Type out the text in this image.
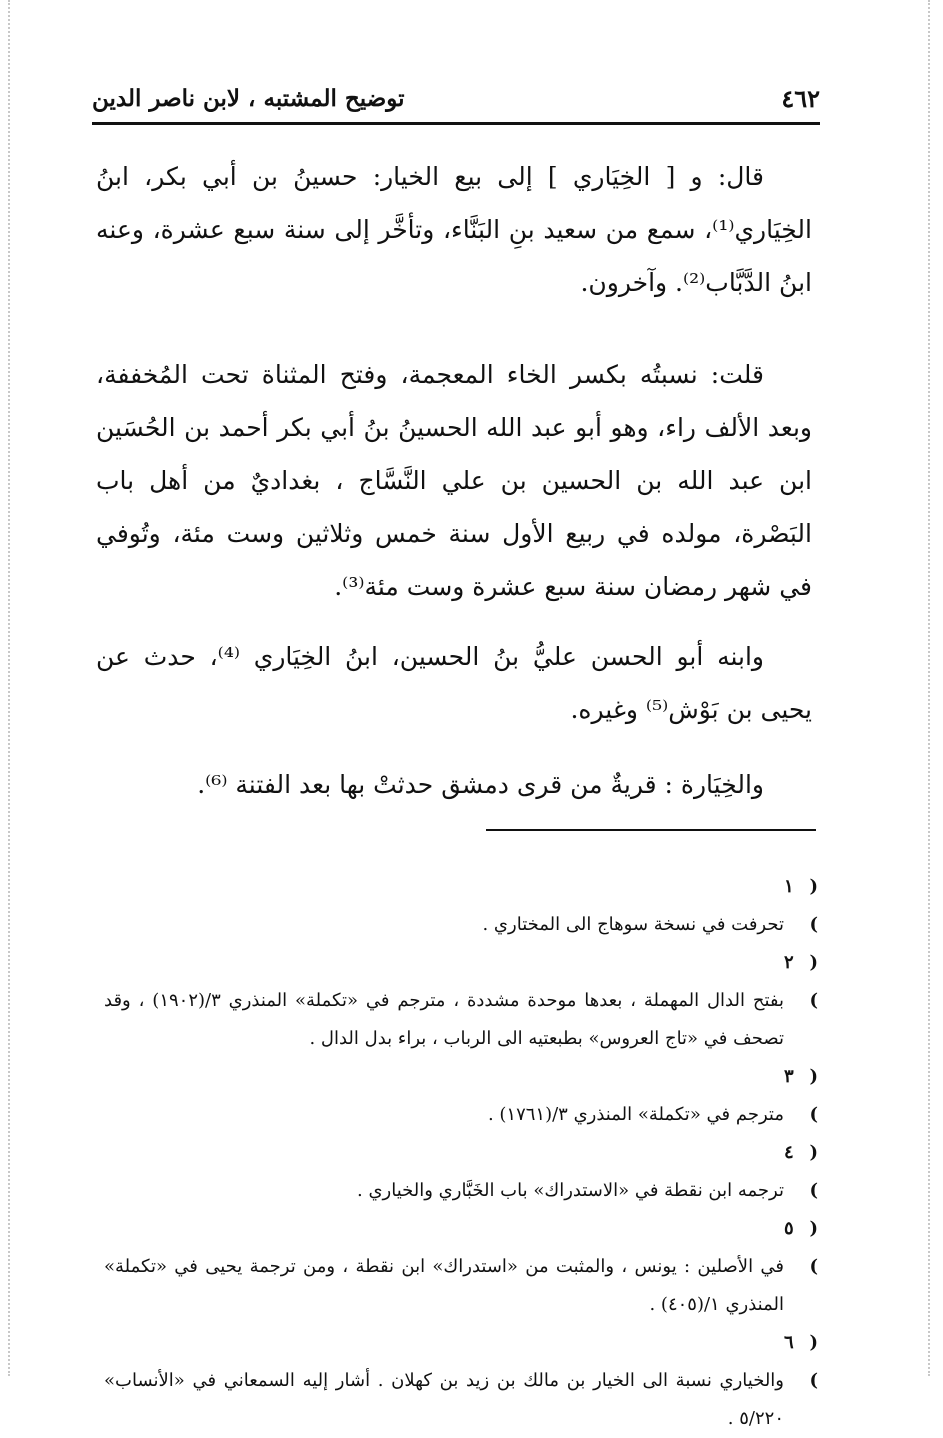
٤٦٢
توضيح المشتبه ، لابن ناصر الدين

قال: و [ الخِيَاري ] إلى بيع الخيار: حسينُ بن أبي بكر، ابنُ الخِيَاري⁽¹⁾، سمع من سعيد بنِ البَنَّاء، وتأخَّر إلى سنة سبع عشرة، وعنه ابنُ الدَّبَّاب⁽²⁾. وآخرون.

قلت: نسبتُه بكسر الخاء المعجمة، وفتح المثناة تحت المُخففة، وبعد الألف راء، وهو أبو عبد الله الحسينُ بنُ أبي بكر أحمد بن الحُسَين ابن عبد الله بن الحسين بن علي النَّسَّاج ، بغداديٌ من أهل باب البَصْرة، مولده في ربيع الأول سنة خمس وثلاثين وست مئة، وتُوفي في شهر رمضان سنة سبع عشرة وست مئة⁽³⁾.

وابنه أبو الحسن عليُّ بنُ الحسين، ابنُ الخِيَاري ⁽⁴⁾، حدث عن يحيى بن بَوْش⁽⁵⁾ وغيره.

والخِيَارة : قريةٌ من قرى دمشق حدثتْ بها بعد الفتنة ⁽⁶⁾.

( ١ )تحرفت في نسخة سوهاج الى المختاري .

( ٢ )بفتح الدال المهملة ، بعدها موحدة مشددة ، مترجم في «تكملة» المنذري ٣/(١٩٠٢) ، وقد تصحف في «تاج العروس» بطبعتيه الى الرباب ، براء بدل الدال .

( ٣ )مترجم في «تكملة» المنذري ٣/(١٧٦١) .

( ٤ )ترجمه ابن نقطة في «الاستدراك» باب الخَبَّاري والخياري .

( ٥ )في الأصلين : يونس ، والمثبت من «استدراك» ابن نقطة ، ومن ترجمة يحيى في «تكملة» المنذري ١/(٤٠٥) .

( ٦ )والخياري نسبة الى الخيار بن مالك بن زيد بن كهلان . أشار إليه السمعاني في «الأنساب» ٥/٢٢٠ .
